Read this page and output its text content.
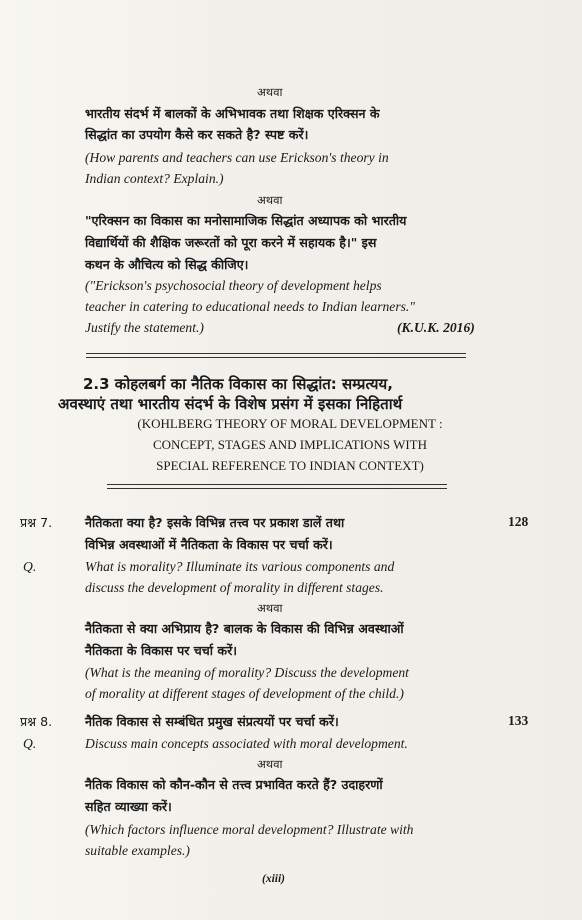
अथवा
भारतीय संदर्भ में बालकों के अभिभावक तथा शिक्षक एरिक्सन के
सिद्धांत का उपयोग कैसे कर सकते है? स्पष्ट करें।
(How parents and teachers can use Erickson's theory in
Indian context? Explain.)
अथवा
"एरिक्सन का विकास का मनोसामाजिक सिद्धांत अध्यापक को भारतीय
विद्यार्थियों की शैक्षिक जरूरतों को पूरा करने में सहायक है।" इस
कथन के औचित्य को सिद्ध कीजिए।
("Erickson's psychosocial theory of development helps
teacher in catering to educational needs to Indian learners."
Justify the statement.)	(K.U.K. 2016)
2.3 कोहलबर्ग का नैतिक विकास का सिद्धांत: सम्प्रत्यय,
अवस्थाएं तथा भारतीय संदर्भ के विशेष प्रसंग में इसका निहितार्थ
(KOHLBERG THEORY OF MORAL DEVELOPMENT :
CONCEPT, STAGES AND IMPLICATIONS WITH
SPECIAL REFERENCE TO INDIAN CONTEXT)
प्रश्न 7.	नैतिकता क्या है? इसके विभिन्न तत्त्व पर प्रकाश डालें तथा	128
विभिन्न अवस्थाओं में नैतिकता के विकास पर चर्चा करें।
Q.	What is morality? Illuminate its various components and
discuss the development of morality in different stages.
अथवा
नैतिकता से क्या अभिप्राय है? बालक के विकास की विभिन्न अवस्थाओं
नैतिकता के विकास पर चर्चा करें।
(What is the meaning of morality? Discuss the development
of morality at different stages of development of the child.)
प्रश्न 8.	नैतिक विकास से सम्बंधित प्रमुख संप्रत्ययों पर चर्चा करें।	133
Q.	Discuss main concepts associated with moral development.
अथवा
नैतिक विकास को कौन-कौन से तत्त्व प्रभावित करते हैं? उदाहरणों
सहित व्याख्या करें।
(Which factors influence moral development? Illustrate with
suitable examples.)
(xiii)
